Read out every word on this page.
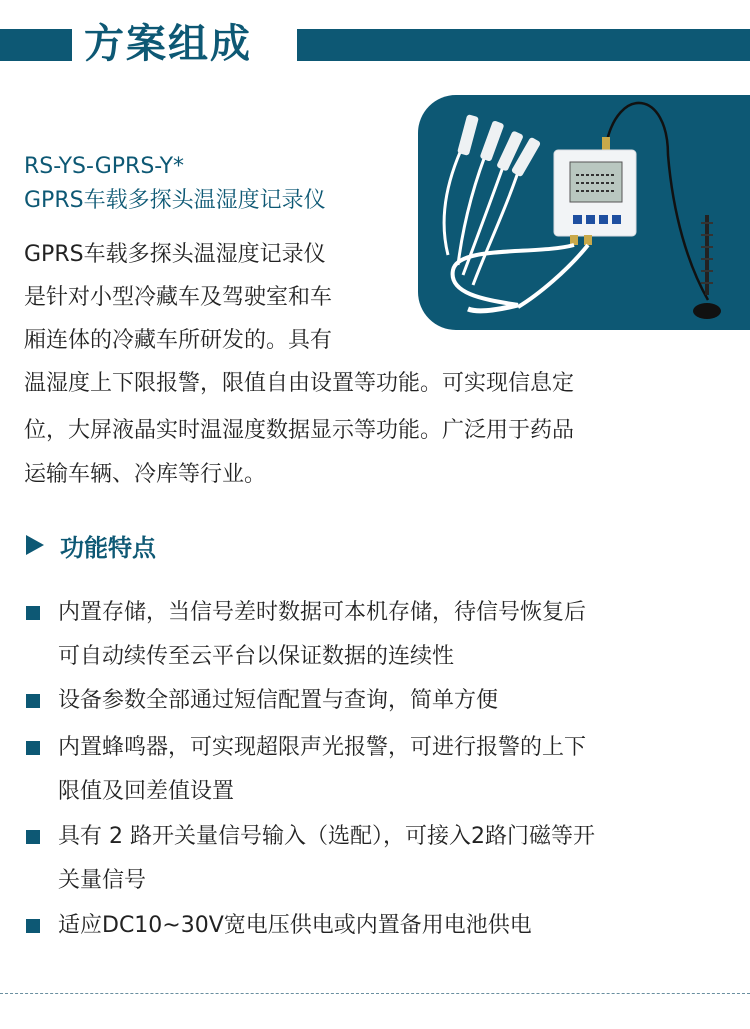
方案组成
RS-YS-GPRS-Y*
GPRS车载多探头温湿度记录仪
GPRS车载多探头温湿度记录仪
是针对小型冷藏车及驾驶室和车
厢连体的冷藏车所研发的。具有
温湿度上下限报警，限值自由设置等功能。可实现信息定
位，大屏液晶实时温湿度数据显示等功能。广泛用于药品
运输车辆、冷库等行业。
功能特点
内置存储，当信号差时数据可本机存储，待信号恢复后
可自动续传至云平台以保证数据的连续性
设备参数全部通过短信配置与查询，简单方便
内置蜂鸣器，可实现超限声光报警，可进行报警的上下
限值及回差值设置
具有 2 路开关量信号输入（选配），可接入2路门磁等开
关量信号
适应DC10~30V宽电压供电或内置备用电池供电
